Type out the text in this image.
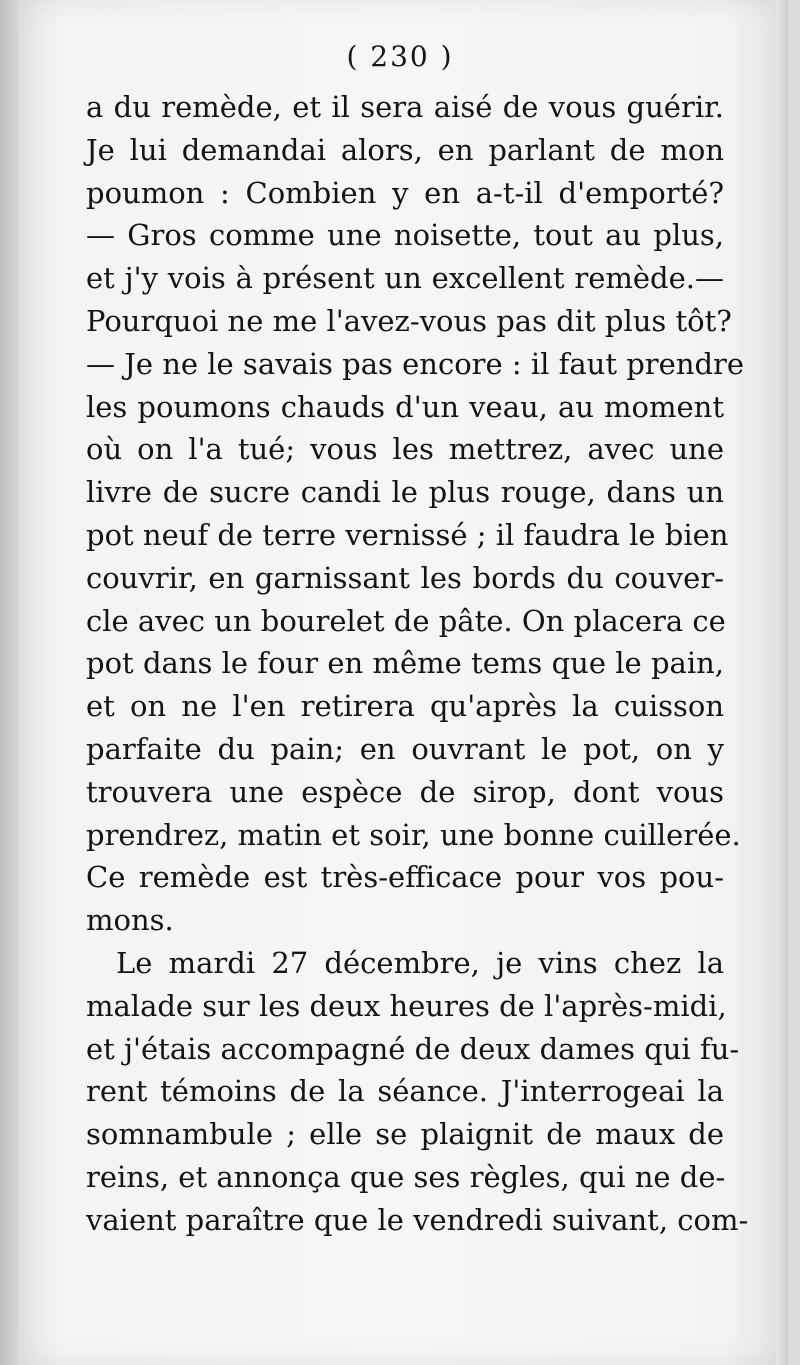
( 230 )
a du remède, et il sera aisé de vous guérir.
Je lui demandai alors, en parlant de mon
poumon : Combien y en a-t-il d'emporté?
— Gros comme une noisette, tout au plus,
et j'y vois à présent un excellent remède.—
Pourquoi ne me l'avez-vous pas dit plus tôt?
— Je ne le savais pas encore : il faut prendre
les poumons chauds d'un veau, au moment
où on l'a tué; vous les mettrez, avec une
livre de sucre candi le plus rouge, dans un
pot neuf de terre vernissé ; il faudra le bien
couvrir, en garnissant les bords du couver-
cle avec un bourelet de pâte. On placera ce
pot dans le four en même tems que le pain,
et on ne l'en retirera qu'après la cuisson
parfaite du pain; en ouvrant le pot, on y
trouvera une espèce de sirop, dont vous
prendrez, matin et soir, une bonne cuillerée.
Ce remède est très-efficace pour vos pou-
mons.
Le mardi 27 décembre, je vins chez la
malade sur les deux heures de l'après-midi,
et j'étais accompagné de deux dames qui fu-
rent témoins de la séance. J'interrogeai la
somnambule ; elle se plaignit de maux de
reins, et annonça que ses règles, qui ne de-
vaient paraître que le vendredi suivant, com-
